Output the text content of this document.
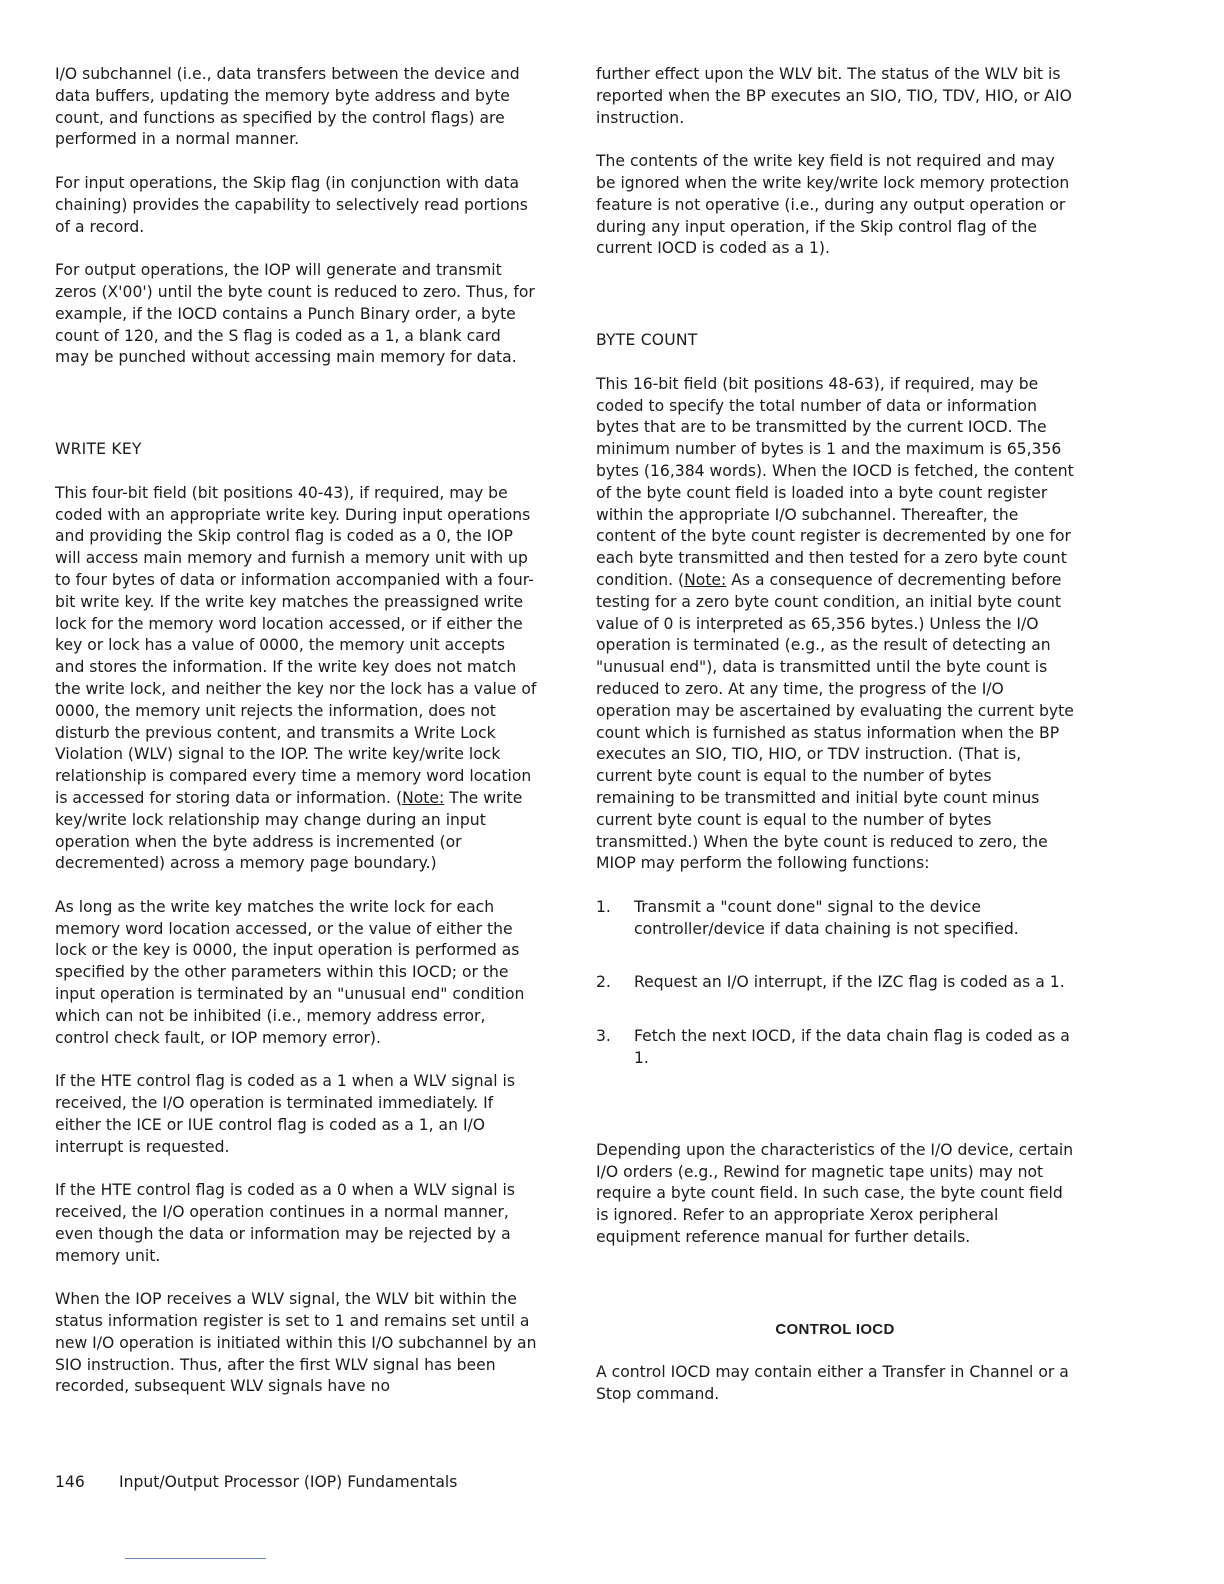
I/O subchannel (i.e., data transfers between the device and data buffers, updating the memory byte address and byte count, and functions as specified by the control flags) are performed in a normal manner.

For input operations, the Skip flag (in conjunction with data chaining) provides the capability to selectively read portions of a record.

For output operations, the IOP will generate and transmit zeros (X'00') until the byte count is reduced to zero. Thus, for example, if the IOCD contains a Punch Binary order, a byte count of 120, and the S flag is coded as a 1, a blank card may be punched without accessing main memory for data.

WRITE KEY

This four-bit field (bit positions 40-43), if required, may be coded with an appropriate write key. During input operations and providing the Skip control flag is coded as a 0, the IOP will access main memory and furnish a memory unit with up to four bytes of data or information accompanied with a four-bit write key. If the write key matches the preassigned write lock for the memory word location accessed, or if either the key or lock has a value of 0000, the memory unit accepts and stores the information. If the write key does not match the write lock, and neither the key nor the lock has a value of 0000, the memory unit rejects the information, does not disturb the previous content, and transmits a Write Lock Violation (WLV) signal to the IOP. The write key/write lock relationship is compared every time a memory word location is accessed for storing data or information. (Note: The write key/write lock relationship may change during an input operation when the byte address is incremented (or decremented) across a memory page boundary.)

As long as the write key matches the write lock for each memory word location accessed, or the value of either the lock or the key is 0000, the input operation is performed as specified by the other parameters within this IOCD; or the input operation is terminated by an "unusual end" condition which can not be inhibited (i.e., memory address error, control check fault, or IOP memory error).

If the HTE control flag is coded as a 1 when a WLV signal is received, the I/O operation is terminated immediately. If either the ICE or IUE control flag is coded as a 1, an I/O interrupt is requested.

If the HTE control flag is coded as a 0 when a WLV signal is received, the I/O operation continues in a normal manner, even though the data or information may be rejected by a memory unit.

When the IOP receives a WLV signal, the WLV bit within the status information register is set to 1 and remains set until a new I/O operation is initiated within this I/O subchannel by an SIO instruction. Thus, after the first WLV signal has been recorded, subsequent WLV signals have no

further effect upon the WLV bit. The status of the WLV bit is reported when the BP executes an SIO, TIO, TDV, HIO, or AIO instruction.

The contents of the write key field is not required and may be ignored when the write key/write lock memory protection feature is not operative (i.e., during any output operation or during any input operation, if the Skip control flag of the current IOCD is coded as a 1).

BYTE COUNT

This 16-bit field (bit positions 48-63), if required, may be coded to specify the total number of data or information bytes that are to be transmitted by the current IOCD. The minimum number of bytes is 1 and the maximum is 65,356 bytes (16,384 words). When the IOCD is fetched, the content of the byte count field is loaded into a byte count register within the appropriate I/O subchannel. Thereafter, the content of the byte count register is decremented by one for each byte transmitted and then tested for a zero byte count condition. (Note: As a consequence of decrementing before testing for a zero byte count condition, an initial byte count value of 0 is interpreted as 65,356 bytes.) Unless the I/O operation is terminated (e.g., as the result of detecting an "unusual end"), data is transmitted until the byte count is reduced to zero. At any time, the progress of the I/O operation may be ascertained by evaluating the current byte count which is furnished as status information when the BP executes an SIO, TIO, HIO, or TDV instruction. (That is, current byte count is equal to the number of bytes remaining to be transmitted and initial byte count minus current byte count is equal to the number of bytes transmitted.) When the byte count is reduced to zero, the MIOP may perform the following functions:

1.	Transmit a "count done" signal to the device controller/device if data chaining is not specified.
2.	Request an I/O interrupt, if the IZC flag is coded as a 1.
3.	Fetch the next IOCD, if the data chain flag is coded as a 1.

Depending upon the characteristics of the I/O device, certain I/O orders (e.g., Rewind for magnetic tape units) may not require a byte count field. In such case, the byte count field is ignored. Refer to an appropriate Xerox peripheral equipment reference manual for further details.

CONTROL IOCD

A control IOCD may contain either a Transfer in Channel or a Stop command.

146 Input/Output Processor (IOP) Fundamentals
